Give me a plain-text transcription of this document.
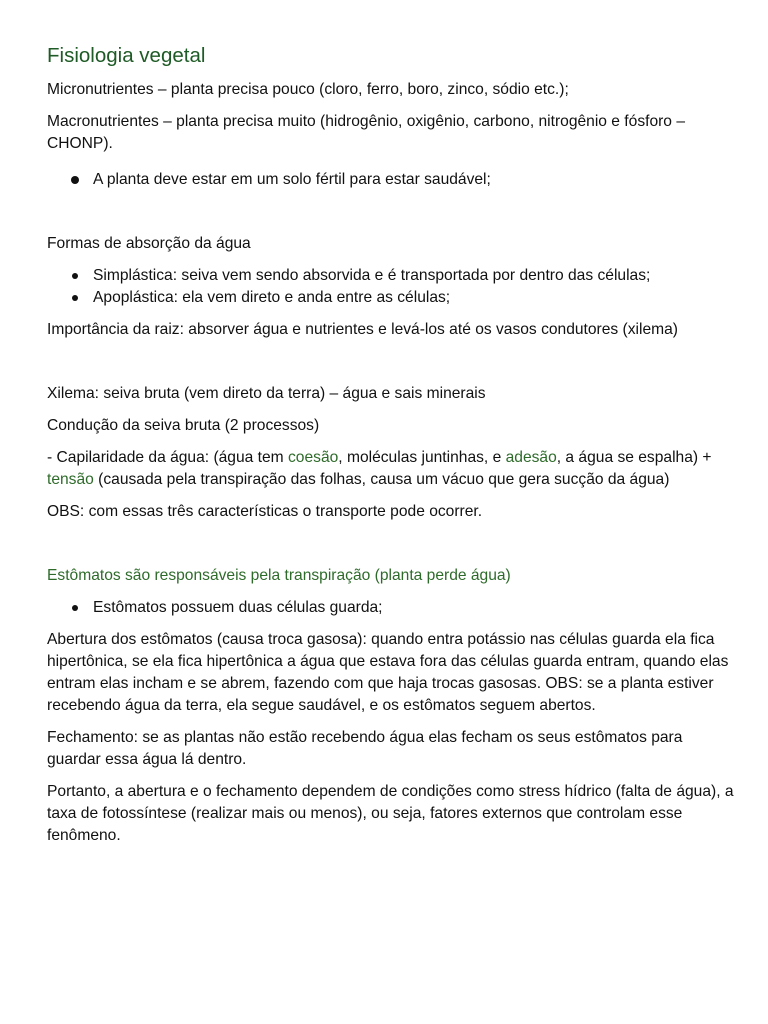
Fisiologia vegetal

Micronutrientes – planta precisa pouco (cloro, ferro, boro, zinco, sódio etc.);

Macronutrientes – planta precisa muito (hidrogênio, oxigênio, carbono, nitrogênio e fósforo – CHONP).

A planta deve estar em um solo fértil para estar saudável;

Formas de absorção da água

Simplástica: seiva vem sendo absorvida e é transportada por dentro das células;
Apoplástica: ela vem direto e anda entre as células;

Importância da raiz: absorver água e nutrientes e levá-los até os vasos condutores (xilema)

Xilema: seiva bruta (vem direto da terra) – água e sais minerais

Condução da seiva bruta (2 processos)

- Capilaridade da água: (água tem coesão, moléculas juntinhas, e adesão, a água se espalha) + tensão (causada pela transpiração das folhas, causa um vácuo que gera sucção da água)

OBS: com essas três características o transporte pode ocorrer.

Estômatos são responsáveis pela transpiração (planta perde água)

Estômatos possuem duas células guarda;

Abertura dos estômatos (causa troca gasosa): quando entra potássio nas células guarda ela fica hipertônica, se ela fica hipertônica a água que estava fora das células guarda entram, quando elas entram elas incham e se abrem, fazendo com que haja trocas gasosas. OBS: se a planta estiver recebendo água da terra, ela segue saudável, e os estômatos seguem abertos.

Fechamento: se as plantas não estão recebendo água elas fecham os seus estômatos para guardar essa água lá dentro.

Portanto, a abertura e o fechamento dependem de condições como stress hídrico (falta de água), a taxa de fotossíntese (realizar mais ou menos), ou seja, fatores externos que controlam esse fenômeno.
